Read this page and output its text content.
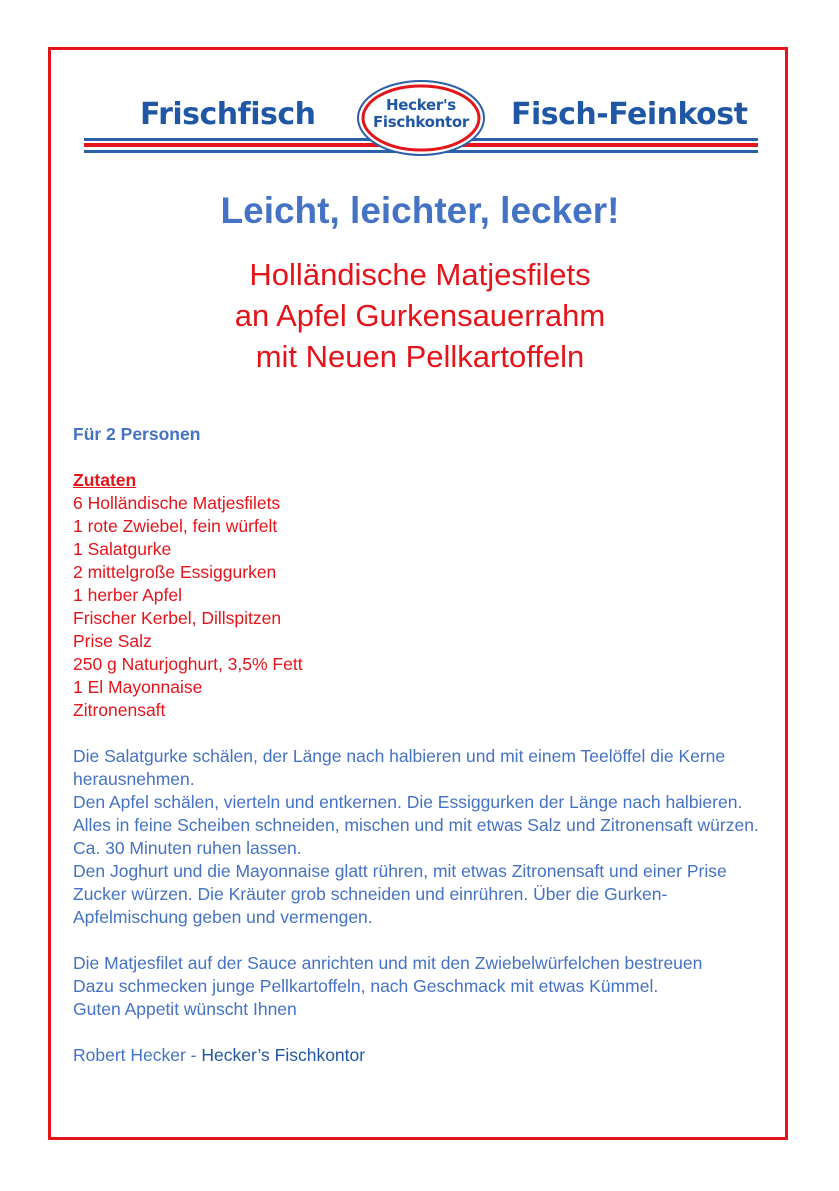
Frischfisch	Fisch-Feinkost
Hecker's
Fischkontor
Leicht, leichter, lecker!
Holländische Matjesfilets
an Apfel Gurkensauerrahm
mit Neuen Pellkartoffeln
Für 2 Personen
Zutaten
6 Holländische Matjesfilets
1 rote Zwiebel, fein würfelt
1 Salatgurke
2 mittelgroße Essiggurken
1 herber Apfel
Frischer Kerbel, Dillspitzen
Prise Salz
250 g Naturjoghurt, 3,5% Fett
1 El Mayonnaise
Zitronensaft

Die Salatgurke schälen, der Länge nach halbieren und mit einem Teelöffel die Kerne herausnehmen.

Den Apfel schälen, vierteln und entkernen. Die Essiggurken der Länge nach halbieren.

Alles in feine Scheiben schneiden, mischen und mit etwas Salz und Zitronensaft würzen. Ca. 30 Minuten ruhen lassen.

Den Joghurt und die Mayonnaise glatt rühren, mit etwas Zitronensaft und einer Prise Zucker würzen. Die Kräuter grob schneiden und einrühren. Über die Gurken-Apfelmischung geben und vermengen.

Die Matjesfilet auf der Sauce anrichten und mit den Zwiebelwürfelchen bestreuen

Dazu schmecken junge Pellkartoffeln, nach Geschmack mit etwas Kümmel.

Guten Appetit wünscht Ihnen

Robert Hecker - Hecker’s Fischkontor
